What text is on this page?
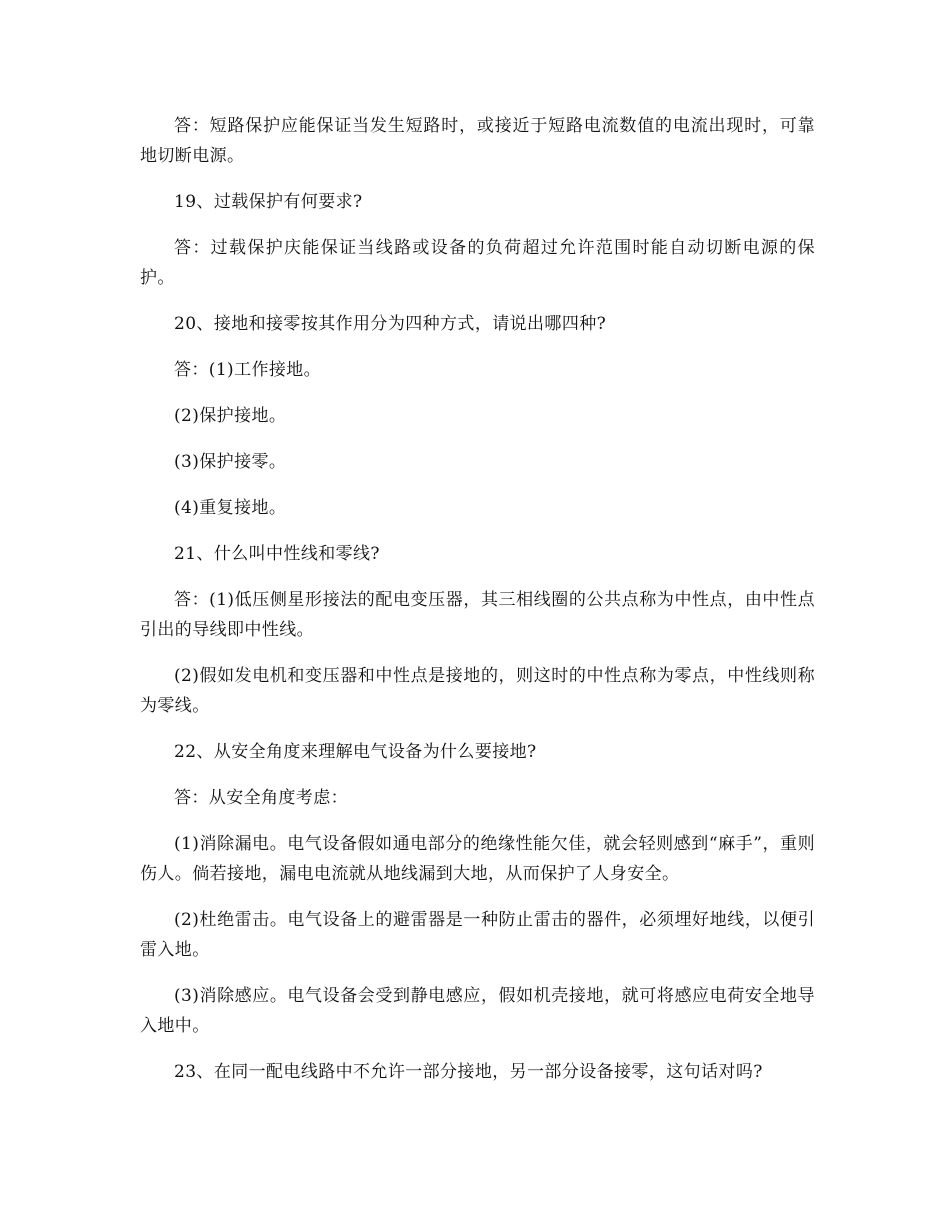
答：短路保护应能保证当发生短路时，或接近于短路电流数值的电流出现时，可靠地切断电源。

19、过载保护有何要求?

答：过载保护庆能保证当线路或设备的负荷超过允许范围时能自动切断电源的保护。

20、接地和接零按其作用分为四种方式，请说出哪四种?

答：(1)工作接地。

(2)保护接地。

(3)保护接零。

(4)重复接地。

21、什么叫中性线和零线?

答：(1)低压侧星形接法的配电变压器，其三相线圈的公共点称为中性点，由中性点引出的导线即中性线。

(2)假如发电机和变压器和中性点是接地的，则这时的中性点称为零点，中性线则称为零线。

22、从安全角度来理解电气设备为什么要接地?

答：从安全角度考虑：

(1)消除漏电。电气设备假如通电部分的绝缘性能欠佳，就会轻则感到“麻手”，重则伤人。倘若接地，漏电电流就从地线漏到大地，从而保护了人身安全。

(2)杜绝雷击。电气设备上的避雷器是一种防止雷击的器件，必须埋好地线，以便引雷入地。

(3)消除感应。电气设备会受到静电感应，假如机壳接地，就可将感应电荷安全地导入地中。

23、在同一配电线路中不允许一部分接地，另一部分设备接零，这句话对吗?
